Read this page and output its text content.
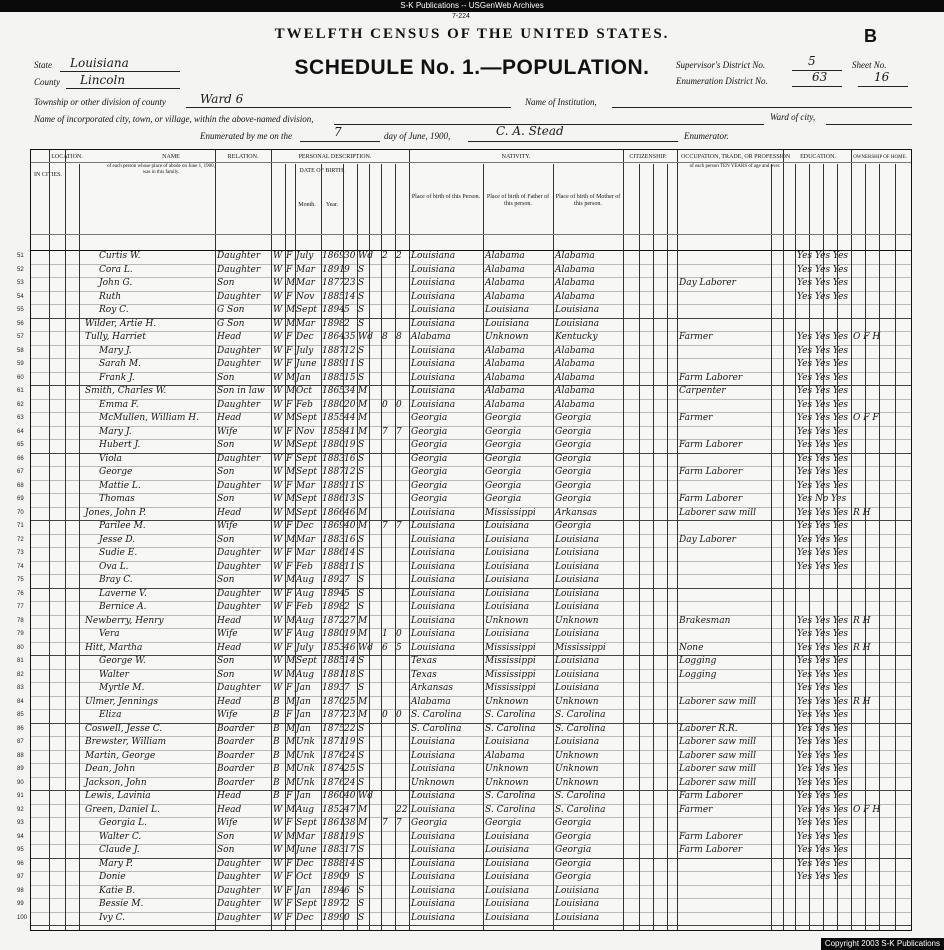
S-K Publications -- USGenWeb Archives
7-224
TWELFTH CENSUS OF THE UNITED STATES.	B
SCHEDULE No. 1.—POPULATION.
State Louisiana
County Lincoln
Township or other division of county	Ward 6	Name of Institution,
Name of incorporated city, town, or village, within the above-named division,	Ward of city,
Enumerated by me on the	7	day of June, 1900,	C. A. Stead	Enumerator.
Supervisor's District No.	5
Enumeration District No.	63
Sheet No.
16
LOCATION.
IN CITIES.
NAME
of each person whose place of abode on June 1, 1900, was in this family.
RELATION.	PERSONAL DESCRIPTION.
DATE OF BIRTH.
Month.	Year.
NATIVITY.
Place of birth of this Person.	Place of birth of Father of this person.
Place of birth of Mother of this person.
CITIZENSHIP.	OCCUPATION, TRADE, OR PROFESSION
of each person TEN YEARS of age and over.
EDUCATION.	OWNERSHIP OF HOME.
51	Curtis W.	Daughter	W F July 1869 30 Wd 2 2	Louisiana	Alabama	Alabama	Yes Yes Yes
52	Cora L.	Daughter	W F Mar 1891 9 S	Louisiana	Alabama	Alabama	Yes Yes Yes
53	John G.	Son	W M Mar 1877 23 S	Louisiana	Alabama	Alabama	Day Laborer	Yes Yes Yes
54	Ruth	Daughter	W F Nov 1885 14 S	Louisiana	Alabama	Alabama	Yes Yes Yes
55	Roy C.	G Son	W M Sept 1894 5 S	Louisiana	Louisiana	Louisiana
56	Wilder, Artie H.	G Son	W M Mar 1898 2 S	Louisiana	Louisiana	Louisiana
57	Tully, Harriet	Head	W F Dec 1864 35 Wd 8 8	Alabama	Unknown	Kentucky	Farmer	Yes Yes Yes O F H
58	Mary J.	Daughter	W F July 1887 12 S	Louisiana	Alabama	Alabama	Yes Yes Yes
59	Sarah M.	Daughter	W F June 1889 11 S	Louisiana	Alabama	Alabama	Yes Yes Yes
60	Frank J.	Son	W M Jan	1885 15 S	Louisiana	Alabama	Alabama	Farm Laborer	Yes Yes Yes
61	Smith, Charles W.	Son in law W M Oct	1865 34 M	Louisiana	Alabama	Alabama	Carpenter	Yes Yes Yes
62	Emma F.	Daughter	W F Feb	1880 20 M	0 0	Louisiana	Alabama	Alabama	Yes Yes Yes
63	McMullen, William H.	Head	W M Sept 1855 44 M	Georgia	Georgia	Georgia	Farmer	Yes Yes Yes O F F
64	Mary J.	Wife	W F Nov 1858 41 M	7 7	Georgia	Georgia	Georgia	Yes Yes Yes
65	Hubert J.	Son	W M Sept 1880 19 S	Georgia	Georgia	Georgia	Farm Laborer	Yes Yes Yes
66	Viola	Daughter	W F Sept 1883 16 S	Georgia	Georgia	Georgia	Yes Yes Yes
67	George	Son	W M Sept 1887 12 S	Georgia	Georgia	Georgia	Farm Laborer	Yes Yes Yes
68	Mattie L.	Daughter	W F Mar 1889 11 S	Georgia	Georgia	Georgia	Yes Yes Yes
69	Thomas	Son	W M Sept 1886 13 S	Georgia	Georgia	Georgia	Farm Laborer	Yes No Yes
70	Jones, John P.	Head	W M Sept 1866 46 M	Louisiana	Mississippi	Arkansas	Laborer saw mill	Yes Yes Yes R H
71	Parilee M.	Wife	W F Dec 1869 40 M	7 7	Louisiana	Louisiana	Georgia	Yes Yes Yes
72	Jesse D.	Son	W M Mar 1883 16 S	Louisiana	Louisiana	Louisiana	Day Laborer	Yes Yes Yes
73	Sudie E.	Daughter	W F Mar 1886 14 S	Louisiana	Louisiana	Louisiana	Yes Yes Yes
74	Ova L.	Daughter	W F Feb	1888 11 S	Louisiana	Louisiana	Louisiana	Yes Yes Yes
75	Bray C.	Son	W M Aug 1892 7 S	Louisiana	Louisiana	Louisiana
76	Laverne V.	Daughter	W F Aug 1894 5 S	Louisiana	Louisiana	Louisiana
77	Bernice A.	Daughter	W F Feb	1898 2 S	Louisiana	Louisiana	Louisiana
78	Newberry, Henry	Head	W M Aug 1872 27 M	Louisiana	Unknown	Unknown	Brakesman	Yes Yes Yes R H
79	Vera	Wife	W F Aug 1880 19 M	1 0	Louisiana	Louisiana	Louisiana	Yes Yes Yes
80	Hitt, Martha	Head	W F July 1853 46 Wd 6 5	Louisiana	Mississippi	Mississippi	None	Yes Yes Yes R H
81	George W.	Son	W M Sept 1885 14 S	Texas	Mississippi	Louisiana	Logging	Yes Yes Yes
82	Walter	Son	W M Aug 1881 18 S	Texas	Mississippi	Louisiana	Logging	Yes Yes Yes
83	Myrtle M.	Daughter	W F Jan	1893 7 S	Arkansas	Mississippi	Louisiana	Yes Yes Yes
84	Ulmer, Jennings	Head	B M Jan	1870 25 M	Alabama	Unknown	Unknown	Laborer saw mill	Yes Yes Yes R H
85	Eliza	Wife	B F Jan	1877 23 M	0 0	S. Carolina	S. Carolina	S. Carolina	Yes Yes Yes
86	Coswell, Jesse C.	Boarder	B M Jan	1875 22 S	S. Carolina	S. Carolina	S. Carolina	Laborer R.R.	Yes Yes Yes
87	Brewster, William	Boarder	B M Unk 1871 19 S	Louisiana	Louisiana	Louisiana	Laborer saw mill	Yes Yes Yes
88	Martin, George	Boarder	B M Unk 1876 24 S	Louisiana	Alabama	Unknown	Laborer saw mill	Yes Yes Yes
89	Dean, John	Boarder	B M Unk 1874 25 S	Louisiana	Unknown	Unknown	Laborer saw mill	Yes Yes Yes
90	Jackson, John	Boarder	B M Unk 1876 24 S	Unknown	Unknown	Unknown	Laborer saw mill	Yes Yes Yes
91	Lewis, Lavinia	Head	B F Jan	1860 40 Wd	Louisiana	S. Carolina	S. Carolina	Farm Laborer	Yes Yes Yes
92	Green, Daniel L.	Head	W M Aug 1852 47 M	22 Louisiana	S. Carolina	S. Carolina	Farmer	Yes Yes Yes O F H
93	Georgia L.	Wife	W F Sept 1861 38 M	7 7	Georgia	Georgia	Georgia	Yes Yes Yes
94	Walter C.	Son	W M Mar 1881 19 S	Louisiana	Louisiana	Georgia	Farm Laborer	Yes Yes Yes
95	Claude J.	Son	W M June 1883 17 S	Louisiana	Louisiana	Georgia	Farm Laborer	Yes Yes Yes
96	Mary P.	Daughter	W F Dec 1888 14 S	Louisiana	Louisiana	Georgia	Yes Yes Yes
97	Donie	Daughter	W F Oct	1890 9 S	Louisiana	Louisiana	Georgia	Yes Yes Yes
98	Katie B.	Daughter	W F Jan	1894 6 S	Louisiana	Louisiana	Louisiana
99	Bessie M.	Daughter	W F Sept 1897 2 S	Louisiana	Louisiana	Louisiana
100	Ivy C.	Daughter	W F Dec 1899 0 S	Louisiana	Louisiana	Louisiana
Copyright 2003 S-K Publications
